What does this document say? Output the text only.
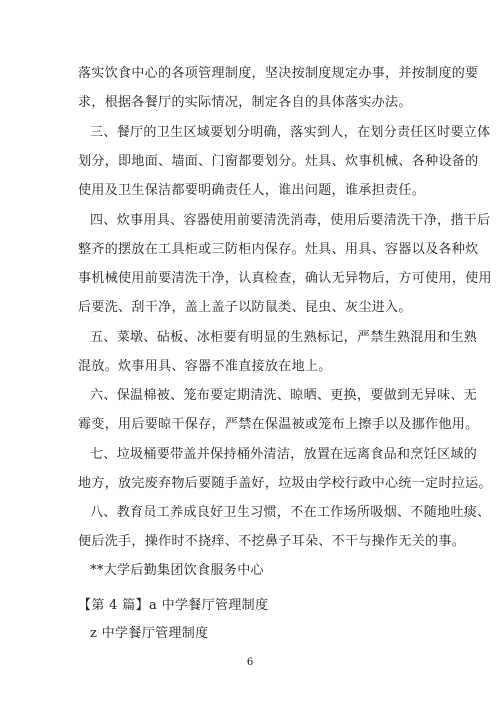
落实饮食中心的各项管理制度，坚决按制度规定办事，并按制度的要
求，根据各餐厅的实际情况，制定各自的具体落实办法。
三、餐厅的卫生区域要划分明确，落实到人，在划分责任区时要立体
划分，即地面、墙面、门窗都要划分。灶具、炊事机械、各种设备的
使用及卫生保洁都要明确责任人，谁出问题，谁承担责任。
四、炊事用具、容器使用前要清洗消毒，使用后要清洗干净，揩干后
整齐的摆放在工具柜或三防柜内保存。灶具、用具、容器以及各种炊
事机械使用前要清洗干净，认真检查，确认无异物后，方可使用，使用
后要洗、刮干净，盖上盖子以防鼠类、昆虫、灰尘进入。
五、菜墩、砧板、冰柜要有明显的生熟标记，严禁生熟混用和生熟
混放。炊事用具、容器不准直接放在地上。
六、保温棉被、笼布要定期清洗、晾晒、更换，要做到无异味、无
霉变，用后要晾干保存，严禁在保温被或笼布上擦手以及挪作他用。
七、垃圾桶要带盖并保持桶外清洁，放置在远离食品和烹饪区域的
地方，放完废弃物后要随手盖好，垃圾由学校行政中心统一定时拉运。
八、教育员工养成良好卫生习惯，不在工作场所吸烟、不随地吐痰、
便后洗手，操作时不挠痒、不挖鼻子耳朵、不干与操作无关的事。
**大学后勤集团饮食服务中心
【第 4 篇】a 中学餐厅管理制度
z 中学餐厅管理制度
6
